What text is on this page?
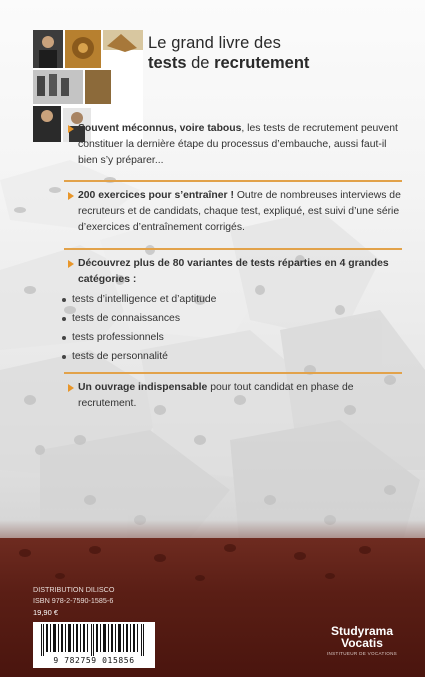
Le grand livre des
tests de recrutement
Souvent méconnus, voire tabous, les tests de recrutement peuvent constituer la dernière étape du processus d’embauche, aussi faut-il bien s’y préparer...
200 exercices pour s’entraîner ! Outre de nombreuses interviews de recruteurs et de candidats, chaque test, expliqué, est suivi d’une série d’exercices d’entraînement corrigés.
Découvrez plus de 80 variantes de tests réparties en 4 grandes catégories :
tests d’intelligence et d’aptitude
tests de connaissances
tests professionnels
tests de personnalité
Un ouvrage indispensable pour tout candidat en phase de recrutement.
DISTRIBUTION DILISCO
ISBN 978-2-7590-1585-6
19,90 €
9 782759 015856
Studyrama
Vocatis
INSTITUEUR DE VOCATIONS
